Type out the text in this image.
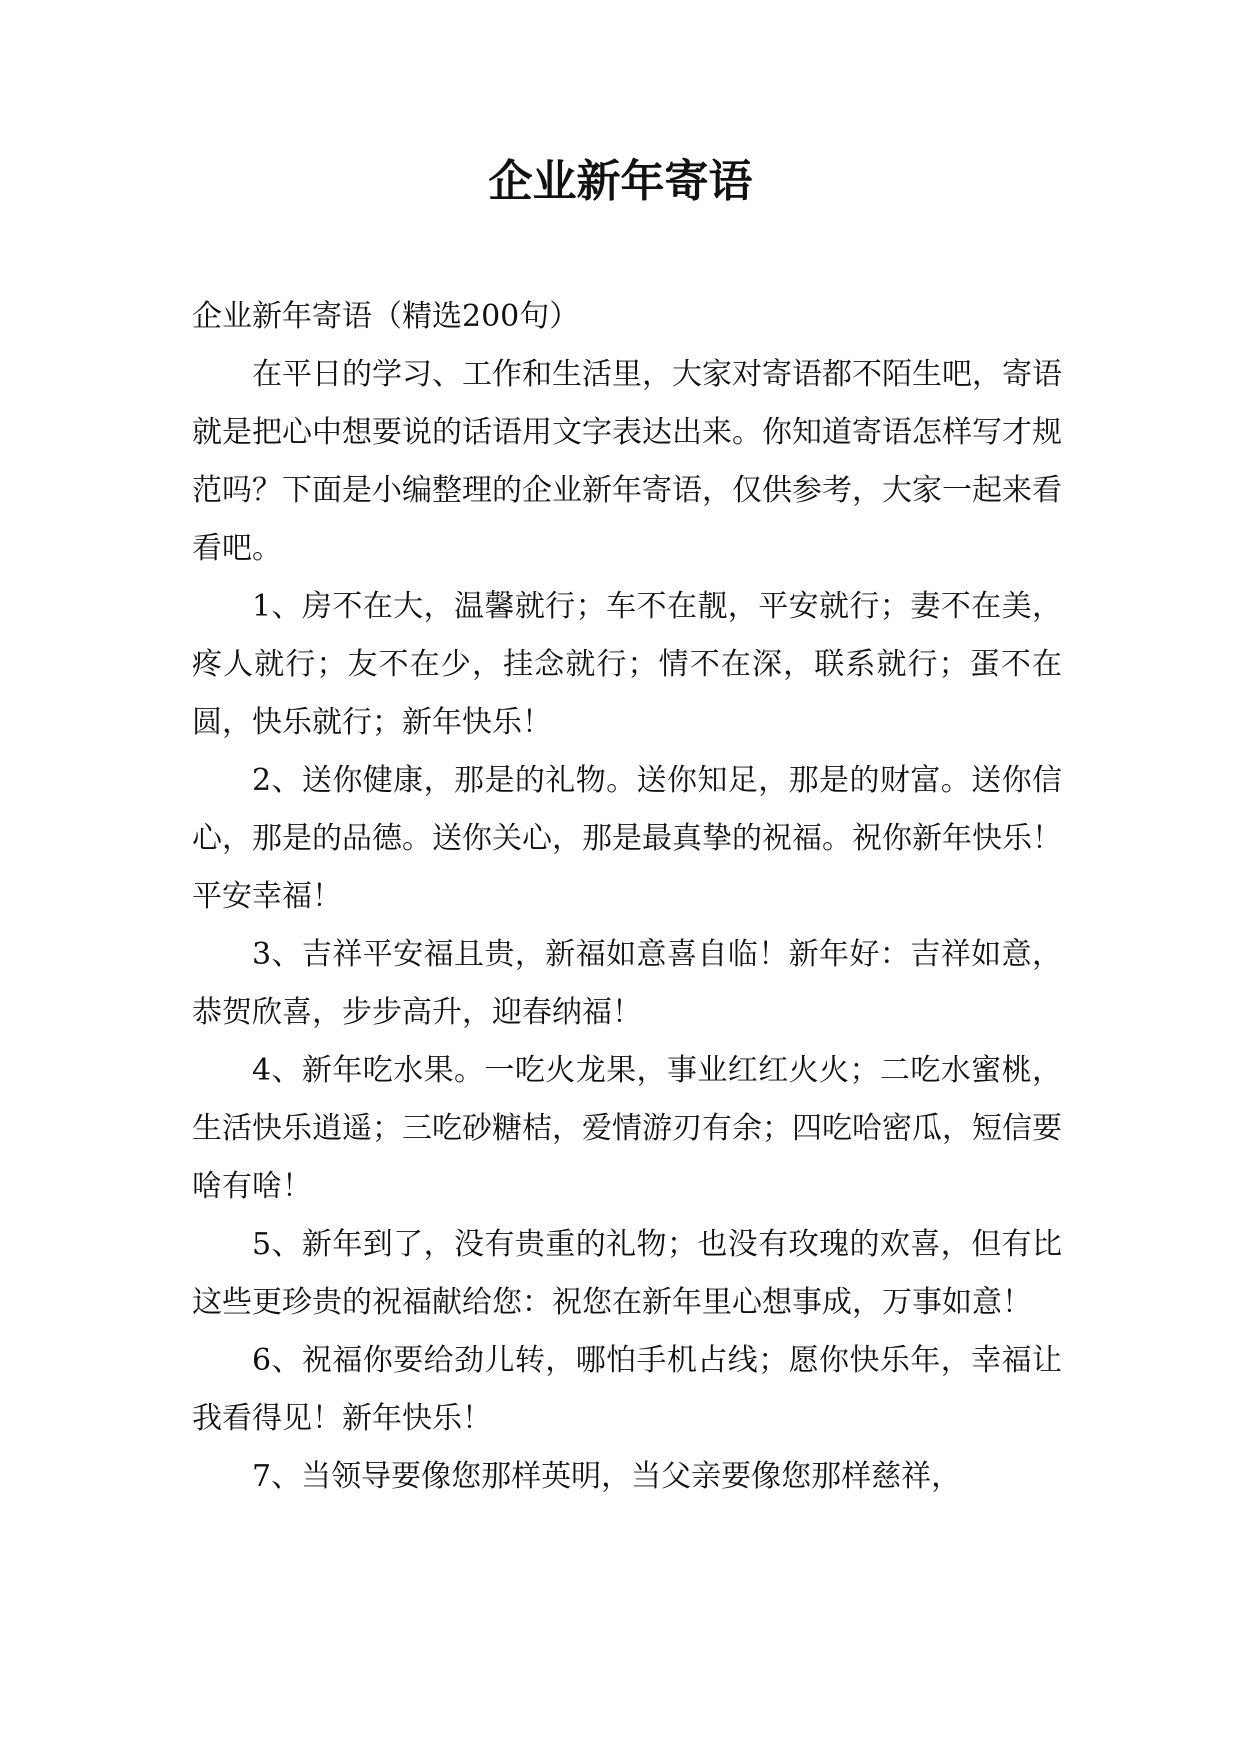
企业新年寄语

企业新年寄语（精选200句）

在平日的学习、工作和生活里，大家对寄语都不陌生吧，寄语就是把心中想要说的话语用文字表达出来。你知道寄语怎样写才规范吗？下面是小编整理的企业新年寄语，仅供参考，大家一起来看看吧。

1、房不在大，温馨就行；车不在靓，平安就行；妻不在美，疼人就行；友不在少，挂念就行；情不在深，联系就行；蛋不在圆，快乐就行；新年快乐！

2、送你健康，那是的礼物。送你知足，那是的财富。送你信心，那是的品德。送你关心，那是最真挚的祝福。祝你新年快乐！平安幸福！

3、吉祥平安福且贵，新福如意喜自临！新年好：吉祥如意，恭贺欣喜，步步高升，迎春纳福！

4、新年吃水果。一吃火龙果，事业红红火火；二吃水蜜桃，生活快乐逍遥；三吃砂糖桔，爱情游刃有余；四吃哈密瓜，短信要啥有啥！

5、新年到了，没有贵重的礼物；也没有玫瑰的欢喜，但有比这些更珍贵的祝福献给您：祝您在新年里心想事成，万事如意！

6、祝福你要给劲儿转，哪怕手机占线；愿你快乐年，幸福让我看得见！新年快乐！

7、当领导要像您那样英明，当父亲要像您那样慈祥，
